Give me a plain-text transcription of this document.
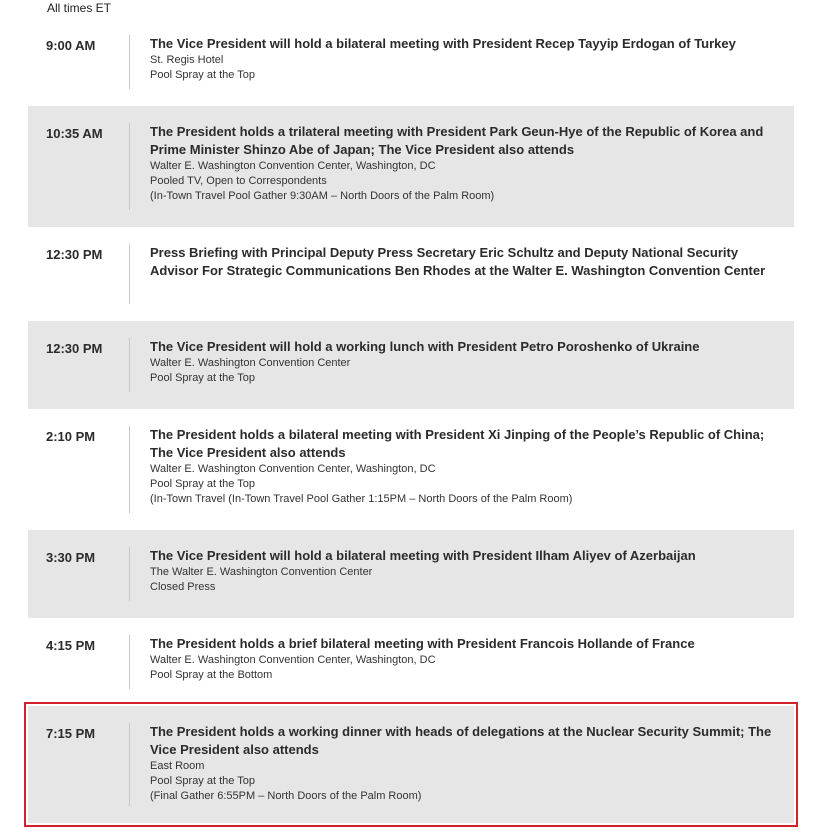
All times ET
9:00 AM	The Vice President will hold a bilateral meeting with President Recep Tayyip Erdogan of Turkey
St. Regis Hotel
Pool Spray at the Top
10:35 AM	The President holds a trilateral meeting with President Park Geun-Hye of the Republic of Korea and Prime Minister Shinzo Abe of Japan; The Vice President also attends
Walter E. Washington Convention Center, Washington, DC
Pooled TV, Open to Correspondents
(In-Town Travel Pool Gather 9:30AM – North Doors of the Palm Room)
12:30 PM	Press Briefing with Principal Deputy Press Secretary Eric Schultz and Deputy National Security Advisor For Strategic Communications Ben Rhodes at the Walter E. Washington Convention Center
12:30 PM	The Vice President will hold a working lunch with President Petro Poroshenko of Ukraine
Walter E. Washington Convention Center
Pool Spray at the Top
2:10 PM	The President holds a bilateral meeting with President Xi Jinping of the People’s Republic of China; The Vice President also attends
Walter E. Washington Convention Center, Washington, DC
Pool Spray at the Top
(In-Town Travel (In-Town Travel Pool Gather 1:15PM – North Doors of the Palm Room)
3:30 PM	The Vice President will hold a bilateral meeting with President Ilham Aliyev of Azerbaijan
The Walter E. Washington Convention Center
Closed Press
4:15 PM	The President holds a brief bilateral meeting with President Francois Hollande of France
Walter E. Washington Convention Center, Washington, DC
Pool Spray at the Bottom
7:15 PM	The President holds a working dinner with heads of delegations at the Nuclear Security Summit; The Vice President also attends
East Room
Pool Spray at the Top
(Final Gather 6:55PM – North Doors of the Palm Room)
